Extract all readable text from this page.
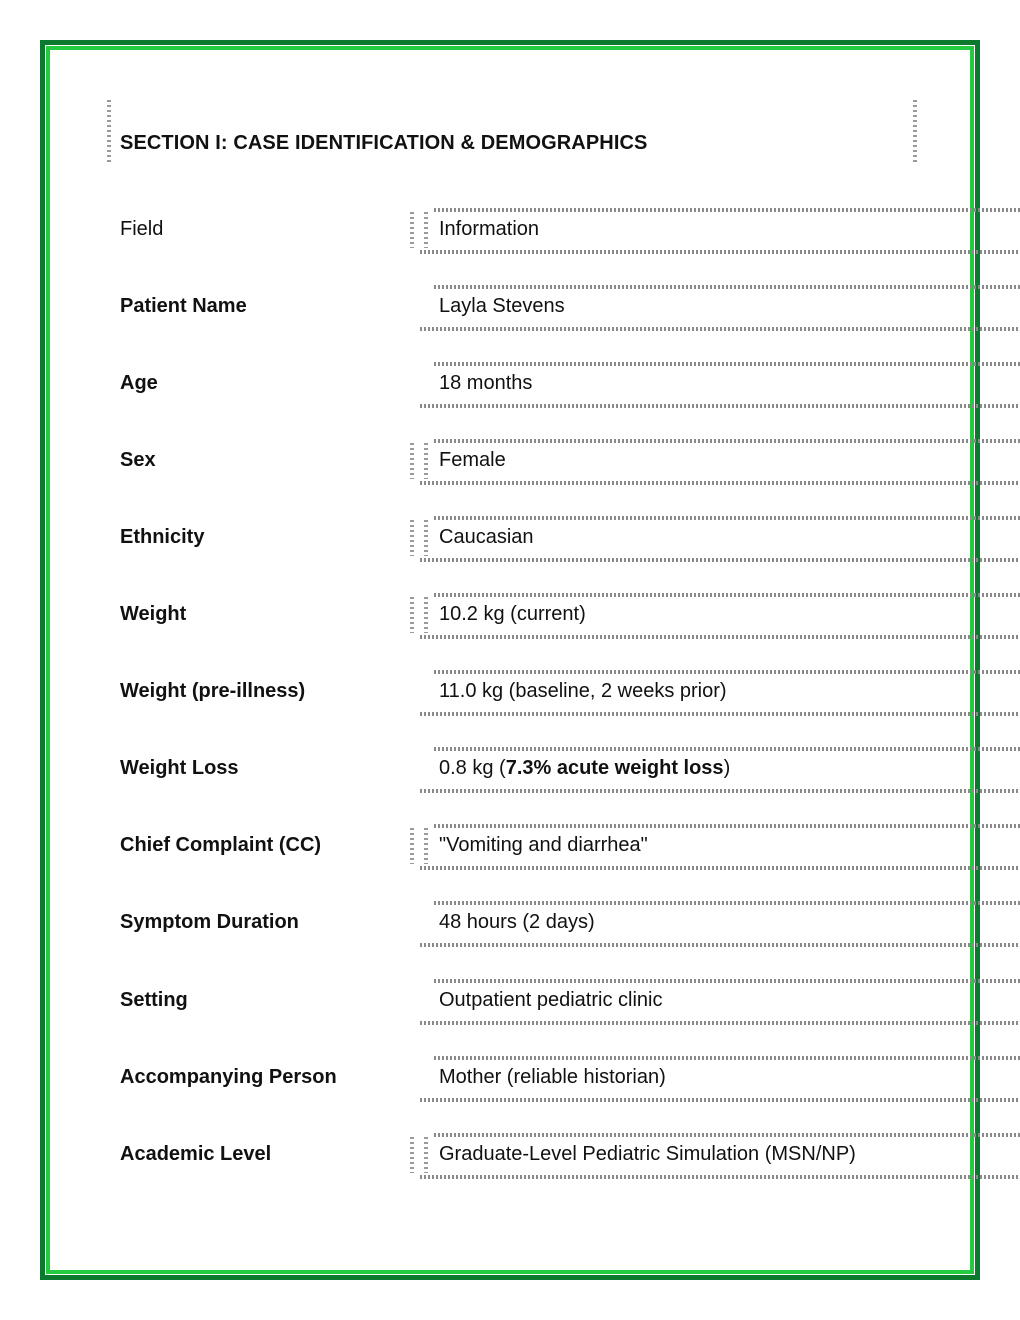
SECTION I: CASE IDENTIFICATION & DEMOGRAPHICS
Field	Information
Patient Name	Layla Stevens
Age	18 months
Sex	Female
Ethnicity	Caucasian
Weight	10.2 kg (current)
Weight (pre-illness)	11.0 kg (baseline, 2 weeks prior)
Weight Loss	0.8 kg (7.3% acute weight loss)
Chief Complaint (CC)	"Vomiting and diarrhea"
Symptom Duration	48 hours (2 days)
Setting	Outpatient pediatric clinic
Accompanying Person	Mother (reliable historian)
Academic Level	Graduate-Level Pediatric Simulation (MSN/NP)
